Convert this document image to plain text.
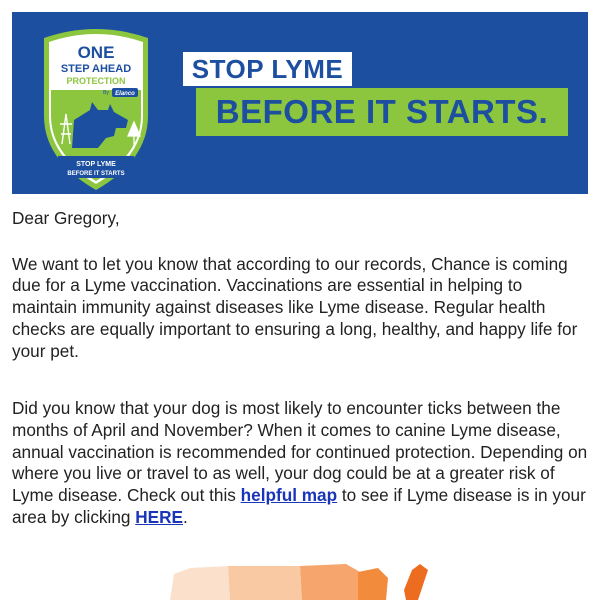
ONE
STEP AHEAD
PROTECTION
By Elanco
STOP LYME
BEFORE IT STARTS
STOP LYME
BEFORE IT STARTS.

Dear Gregory,

We want to let you know that according to our records, Chance is coming due for a Lyme vaccination. Vaccinations are essential in helping to maintain immunity against diseases like Lyme disease. Regular health checks are equally important to ensuring a long, healthy, and happy life for your pet.

Did you know that your dog is most likely to encounter ticks between the months of April and November? When it comes to canine Lyme disease, annual vaccination is recommended for continued protection. Depending on where you live or travel to as well, your dog could be at a greater risk of Lyme disease. Check out this helpful map to see if Lyme disease is in your area by clicking HERE.
